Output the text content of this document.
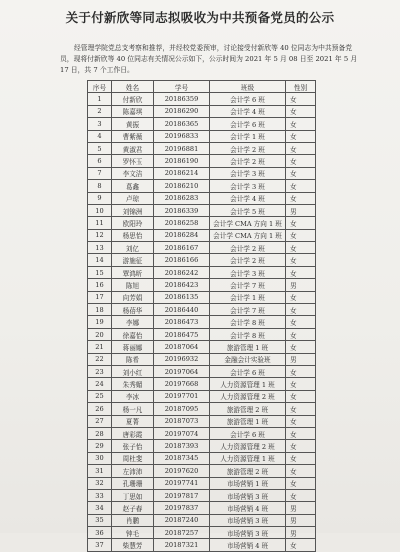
关于付新欣等同志拟吸收为中共预备党员的公示
经管理学院党总支考察和推荐，并经校党委预审，讨论接受付新欣等 40 位同志为中共预备党员，现将付新欣等 40 位同志有关情况公示如下，公示时间为 2021 年 5 月 08 日至 2021 年 5 月 17 日，共 7 个工作日。
序号	姓名	学号	班级	性别
1	付新欣	20186359	会计学 6 班	女
2	陈嘉琪	20186290	会计学 4 班	女
3	黄振	20186365	会计学 6 班	女
4	曹紫薇	20196833	会计学 1 班	女
5	黄淑君	20196881	会计学 2 班	女
6	罗怀玉	20186190	会计学 2 班	女
7	李文洁	20186214	会计学 3 班	女
8	葛鑫	20186210	会计学 3 班	女
9	卢琼	20186283	会计学 4 班	女
10	刘锦洲	20186339	会计学 5 班	男
11	欧阳玲	20186258	会计学 CMA 方向 1 班	女
12	杨思怡	20186284	会计学 CMA 方向 1 班	女
13	刘亿	20186167	会计学 2 班	女
14	游施征	20186166	会计学 2 班	女
15	覃鸿昕	20186242	会计学 3 班	女
16	陈旭	20186423	会计学 7 班	男
17	向芳娟	20186135	会计学 1 班	女
18	杨蓓华	20186440	会计学 7 班	女
19	李娜	20186473	会计学 8 班	女
20	徐嘉怡	20186475	会计学 8 班	女
21	蒋丽娜	20187064	旅游管理 1 班	女
22	陈希	20196932	金融会计实验班	男
23	刘小红	20197064	会计学 6 班	女
24	朱秀媚	20197668	人力资源管理 1 班	女
25	李冰	20197701	人力资源管理 2 班	女
26	杨一凡	20187095	旅游管理 2 班	女
27	夏菁	20187073	旅游管理 1 班	女
28	唐彩霞	20197074	会计学 6 班	女
29	张子怡	20187393	人力资源管理 2 班	女
30	周杜斐	20187345	人力资源管理 1 班	女
31	左沛沛	20197620	旅游管理 2 班	女
32	孔珊珊	20197741	市场营销 1 班	女
33	丁思如	20197817	市场营销 3 班	女
34	赵子春	20197837	市场营销 4 班	男
35	肖鹏	20187240	市场营销 3 班	男
36	钟毛	20187257	市场营销 3 班	男
37	柴慧芳	20187321	市场营销 4 班	女
